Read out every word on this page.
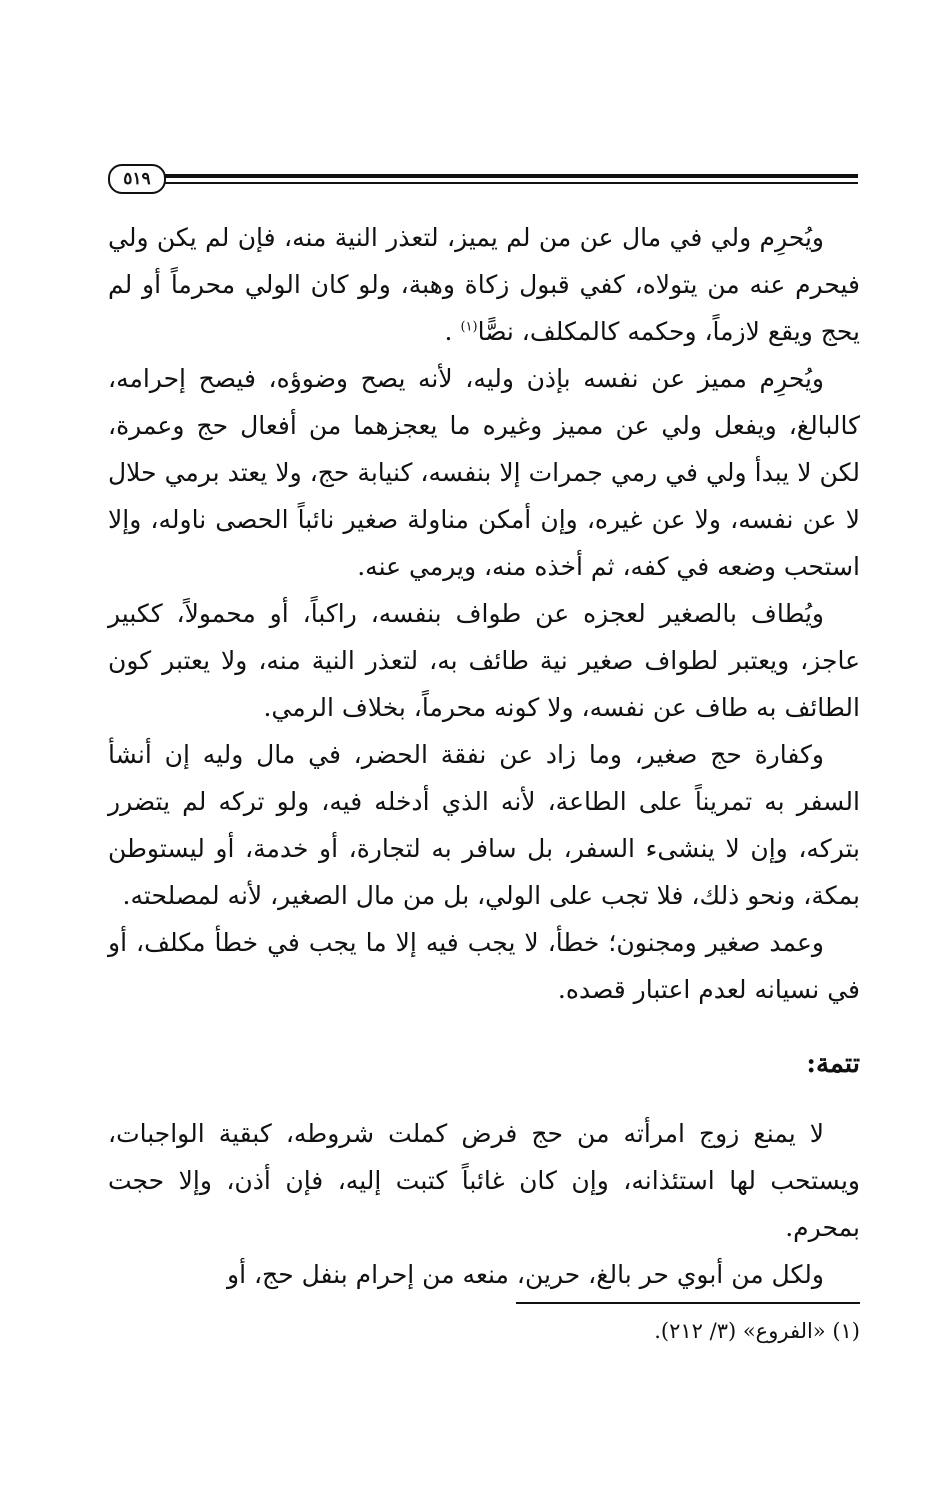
٥١٩

ويُحرِم ولي في مال عن من لم يميز، لتعذر النية منه، فإن لم يكن ولي فيحرم عنه من يتولاه، كفي قبول زكاة وهبة، ولو كان الولي محرماً أو لم يحج ويقع لازماً، وحكمه كالمكلف، نصًّا$^{(١)}$ .

ويُحرِم مميز عن نفسه بإذن وليه، لأنه يصح وضوؤه، فيصح إحرامه، كالبالغ، ويفعل ولي عن مميز وغيره ما يعجزهما من أفعال حج وعمرة، لكن لا يبدأ ولي في رمي جمرات إلا بنفسه، كنيابة حج، ولا يعتد برمي حلال لا عن نفسه، ولا عن غيره، وإن أمكن مناولة صغير نائباً الحصى ناوله، وإلا استحب وضعه في كفه، ثم أخذه منه، ويرمي عنه.

ويُطاف بالصغير لعجزه عن طواف بنفسه، راكباً، أو محمولاً، ككبير عاجز، ويعتبر لطواف صغير نية طائف به، لتعذر النية منه، ولا يعتبر كون الطائف به طاف عن نفسه، ولا كونه محرماً، بخلاف الرمي.

وكفارة حج صغير، وما زاد عن نفقة الحضر، في مال وليه إن أنشأ السفر به تمريناً على الطاعة، لأنه الذي أدخله فيه، ولو تركه لم يتضرر بتركه، وإن لا ينشىء السفر، بل سافر به لتجارة، أو خدمة، أو ليستوطن بمكة، ونحو ذلك، فلا تجب على الولي، بل من مال الصغير، لأنه لمصلحته.

وعمد صغير ومجنون؛ خطأ، لا يجب فيه إلا ما يجب في خطأ مكلف، أو في نسيانه لعدم اعتبار قصده.

تتمة:

لا يمنع زوج امرأته من حج فرض كملت شروطه، كبقية الواجبات، ويستحب لها استئذانه، وإن كان غائباً كتبت إليه، فإن أذن، وإلا حجت بمحرم.

ولكل من أبوي حر بالغ، حرين، منعه من إحرام بنفل حج، أو

(١) «الفروع» (٣/ ٢١٢).
